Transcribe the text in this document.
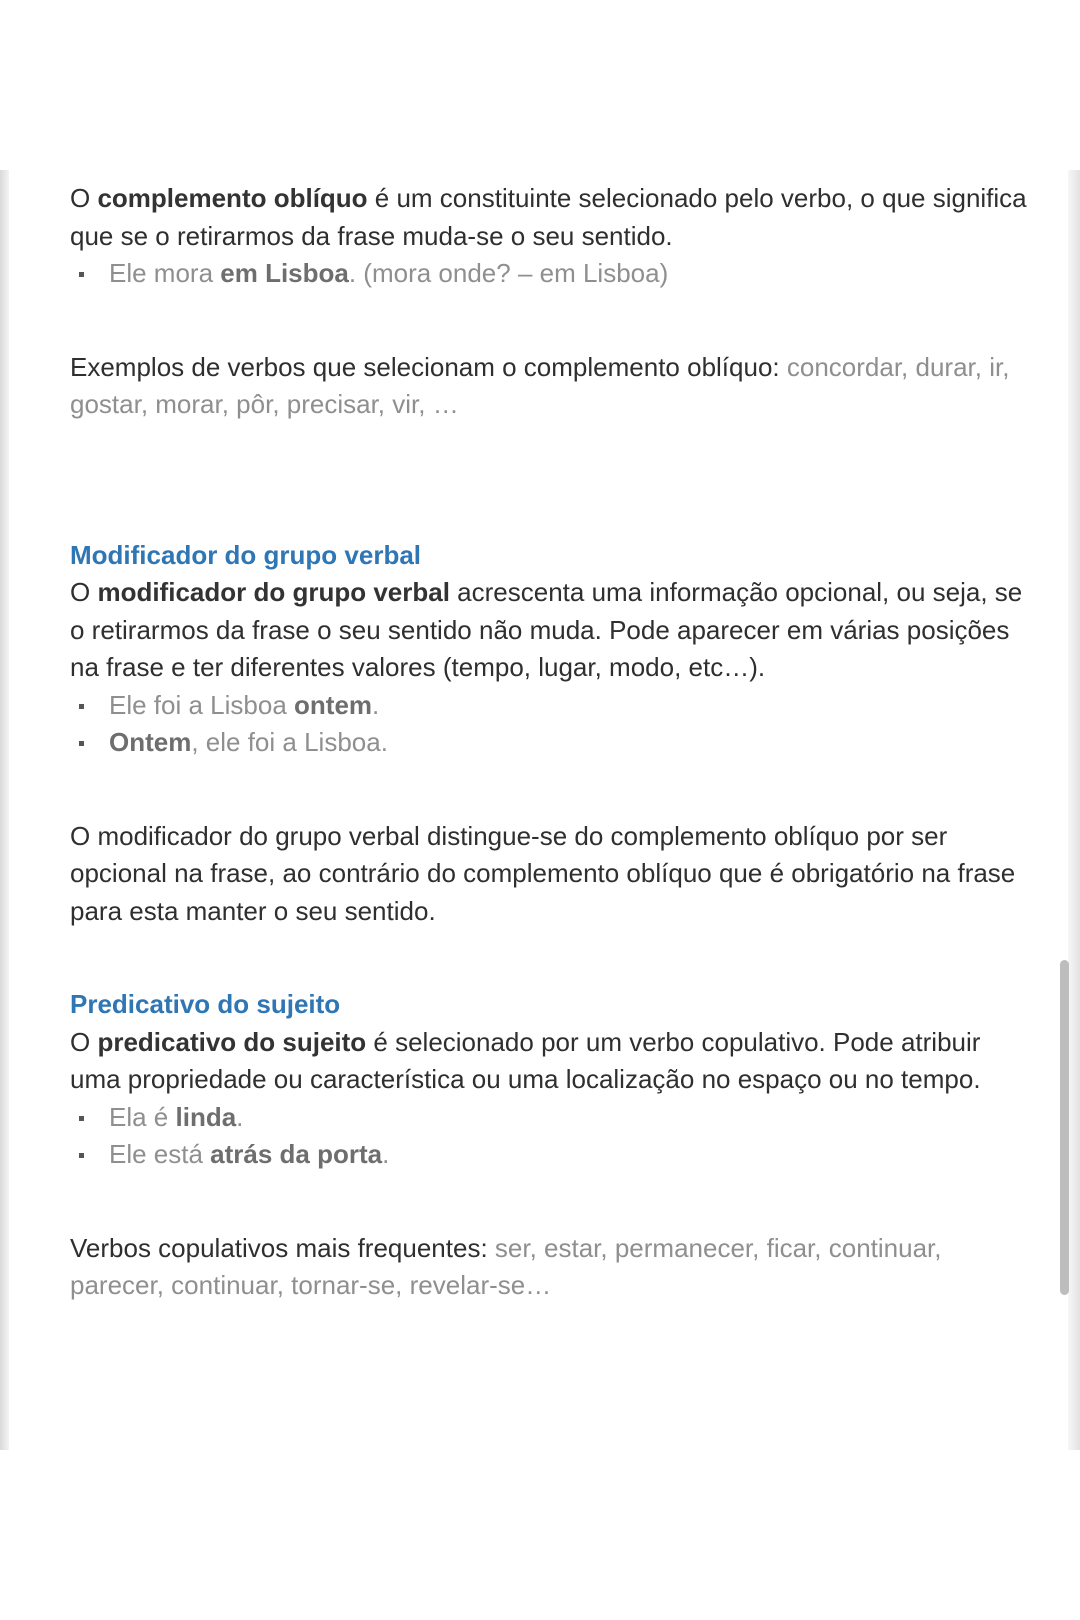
O complemento oblíquo é um constituinte selecionado pelo verbo, o que significa que se o retirarmos da frase muda-se o seu sentido.

Ele mora em Lisboa. (mora onde? – em Lisboa)

Exemplos de verbos que selecionam o complemento oblíquo: concordar, durar, ir, gostar, morar, pôr, precisar, vir, …

Modificador do grupo verbal

O modificador do grupo verbal acrescenta uma informação opcional, ou seja, se o retirarmos da frase o seu sentido não muda. Pode aparecer em várias posições na frase e ter diferentes valores (tempo, lugar, modo, etc…).

Ele foi a Lisboa ontem.
Ontem, ele foi a Lisboa.

O modificador do grupo verbal distingue-se do complemento oblíquo por ser opcional na frase, ao contrário do complemento oblíquo que é obrigatório na frase para esta manter o seu sentido.

Predicativo do sujeito

O predicativo do sujeito é selecionado por um verbo copulativo. Pode atribuir uma propriedade ou característica ou uma localização no espaço ou no tempo.

Ela é linda.
Ele está atrás da porta.

Verbos copulativos mais frequentes: ser, estar, permanecer, ficar, continuar, parecer, continuar, tornar-se, revelar-se…
